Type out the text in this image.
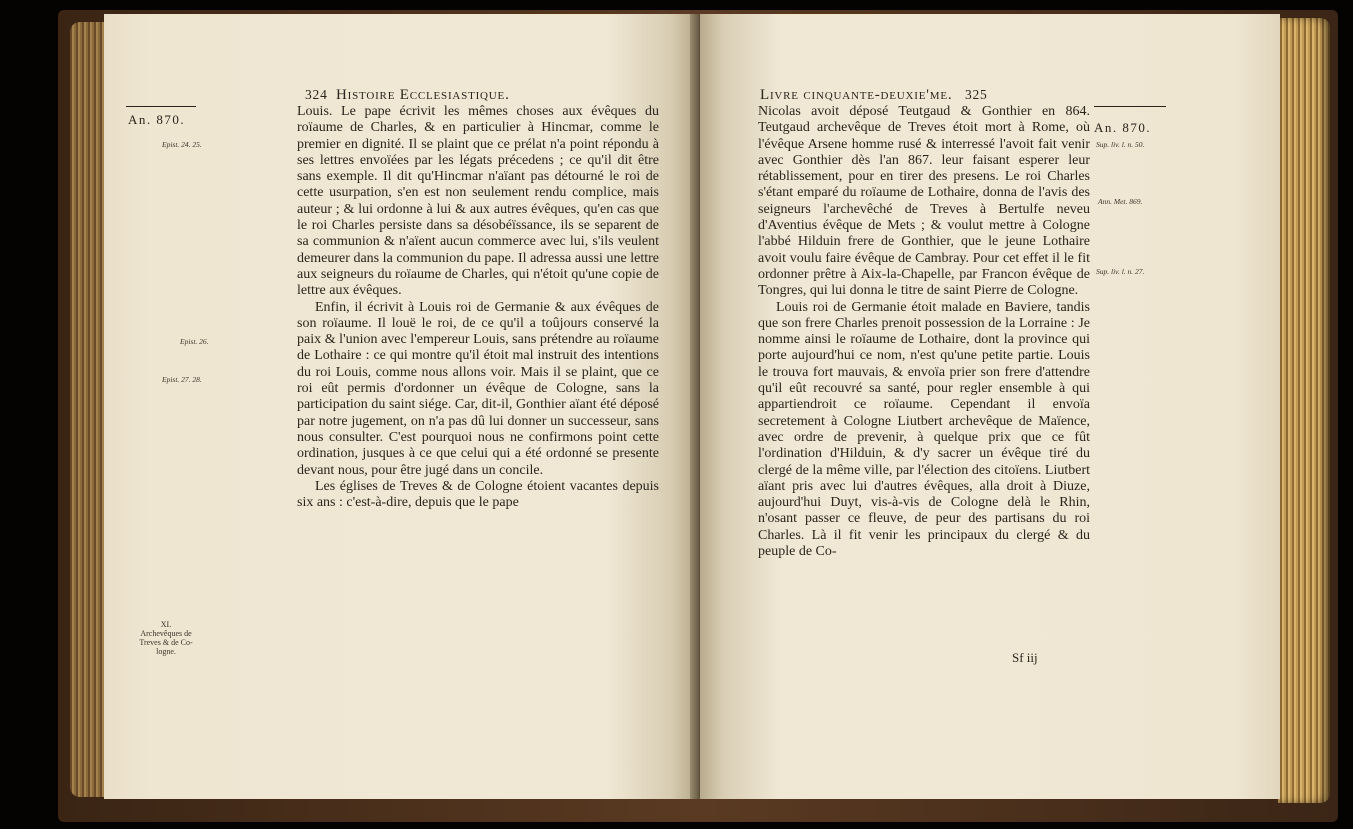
324 Histoire Ecclesiastique.
An. 870.
Epist. 24. 25.
Epist. 26.
Epist. 27. 28.
XI.
Archevêques de
Treves & de Co-
logne.

Louis. Le pape écrivit les mêmes choses aux évêques du roïaume de Charles, & en particulier à Hincmar, comme le premier en dignité. Il se plaint que ce prélat n'a point répondu à ses lettres envoïées par les légats précedens ; ce qu'il dit être sans exemple. Il dit qu'Hincmar n'aïant pas détourné le roi de cette usurpation, s'en est non seulement rendu complice, mais auteur ; & lui ordonne à lui & aux autres évêques, qu'en cas que le roi Charles persiste dans sa désobéïssance, ils se separent de sa communion & n'aïent aucun commerce avec lui, s'ils veulent demeurer dans la communion du pape. Il adressa aussi une lettre aux seigneurs du roïaume de Charles, qui n'étoit qu'une copie de lettre aux évêques.

Enfin, il écrivit à Louis roi de Germanie & aux évêques de son roïaume. Il louë le roi, de ce qu'il a toûjours conservé la paix & l'union avec l'empereur Louis, sans prétendre au roïaume de Lothaire : ce qui montre qu'il étoit mal instruit des intentions du roi Louis, comme nous allons voir. Mais il se plaint, que ce roi eût permis d'ordonner un évêque de Cologne, sans la participation du saint siége. Car, dit-il, Gonthier aïant été déposé par notre jugement, on n'a pas dû lui donner un successeur, sans nous consulter. C'est pourquoi nous ne confirmons point cette ordination, jusques à ce que celui qui a été ordonné se presente devant nous, pour être jugé dans un concile.

Les églises de Treves & de Cologne étoient vacantes depuis six ans : c'est-à-dire, depuis que le pape

Livre cinquante-deuxie'me. 325
An. 870.
Sup. liv. l. n. 50.
Ann. Met. 869.
Sup. liv. l. n. 27.

Nicolas avoit déposé Teutgaud & Gonthier en 864. Teutgaud archevêque de Treves étoit mort à Rome, où l'évêque Arsene homme rusé & interressé l'avoit fait venir avec Gonthier dès l'an 867. leur faisant esperer leur rétablissement, pour en tirer des presens. Le roi Charles s'étant emparé du roïaume de Lothaire, donna de l'avis des seigneurs l'archevêché de Treves à Bertulfe neveu d'Aventius évêque de Mets ; & voulut mettre à Cologne l'abbé Hilduin frere de Gonthier, que le jeune Lothaire avoit voulu faire évêque de Cambray. Pour cet effet il le fit ordonner prêtre à Aix-la-Chapelle, par Francon évêque de Tongres, qui lui donna le titre de saint Pierre de Cologne.

Louis roi de Germanie étoit malade en Baviere, tandis que son frere Charles prenoit possession de la Lorraine : Je nomme ainsi le roïaume de Lothaire, dont la province qui porte aujourd'hui ce nom, n'est qu'une petite partie. Louis le trouva fort mauvais, & envoïa prier son frere d'attendre qu'il eût recouvré sa santé, pour regler ensemble à qui appartiendroit ce roïaume. Cependant il envoïa secretement à Cologne Liutbert archevêque de Maïence, avec ordre de prevenir, à quelque prix que ce fût l'ordination d'Hilduin, & d'y sacrer un évêque tiré du clergé de la même ville, par l'élection des citoïens. Liutbert aïant pris avec lui d'autres évêques, alla droit à Diuze, aujourd'hui Duyt, vis-à-vis de Cologne delà le Rhin, n'osant passer ce fleuve, de peur des partisans du roi Charles. Là il fit venir les principaux du clergé & du peuple de Co-

Sf iij
